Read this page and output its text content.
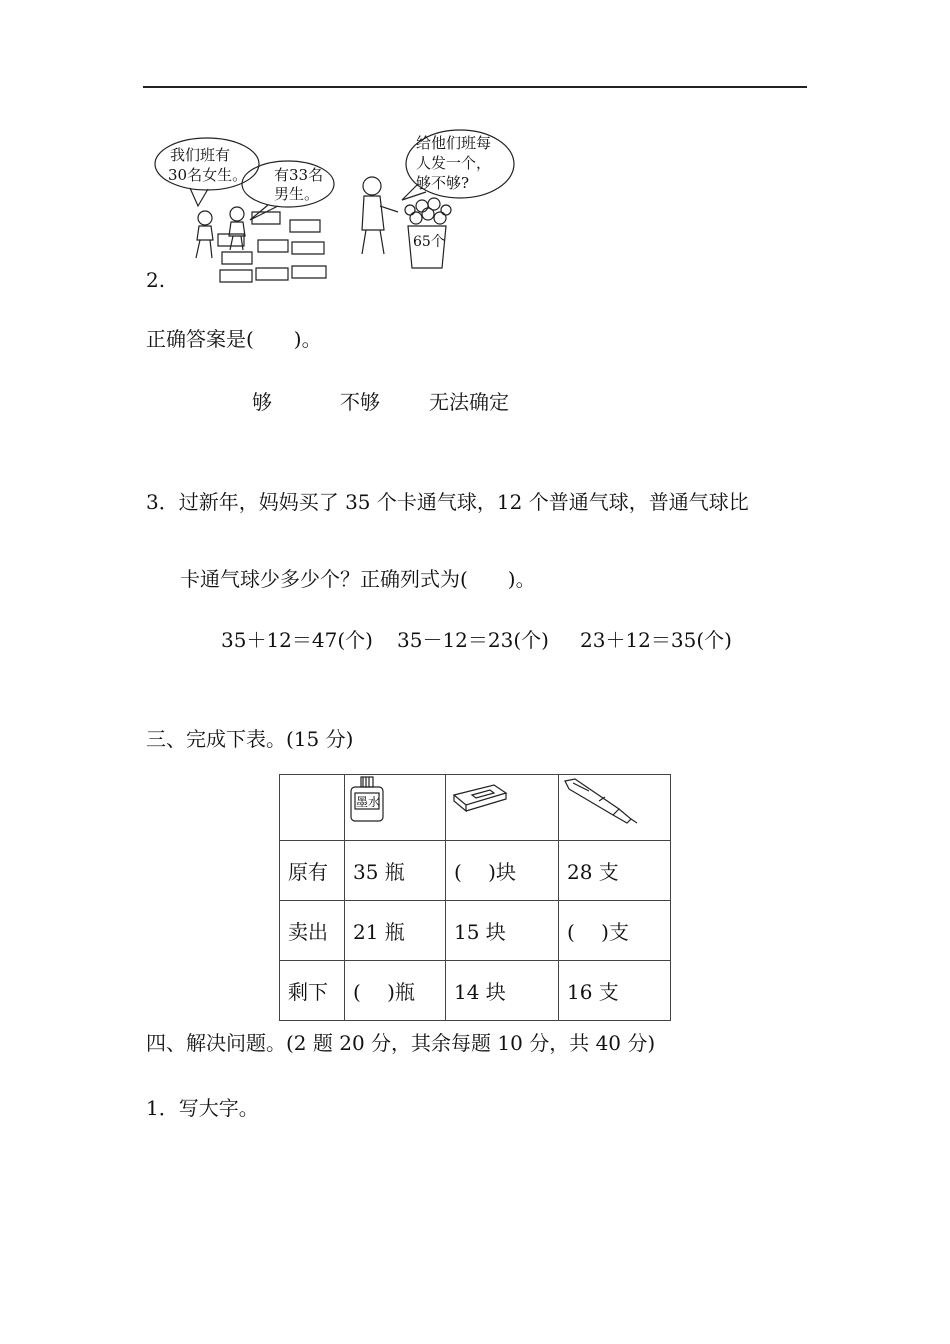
我们班有
30名女生。 有33名
男生。
给他们班每
人发一个，
够不够?
65个
2.
正确答案是(　　)。
够	不够 无法确定
3．过新年，妈妈买了 35 个卡通气球，12 个普通气球，普通气球比
卡通气球少多少个？正确列式为(　　)。
35＋12＝47(个) 35－12＝23(个) 23＋12＝35(个)
三、完成下表。(15 分)

墨水

原有	35 瓶	(　 )块	28 支
卖出	21 瓶	15 块	(　 )支
剩下	(　 )瓶	14 块	16 支
四、解决问题。(2 题 20 分，其余每题 10 分，共 40 分)
1．写大字。
